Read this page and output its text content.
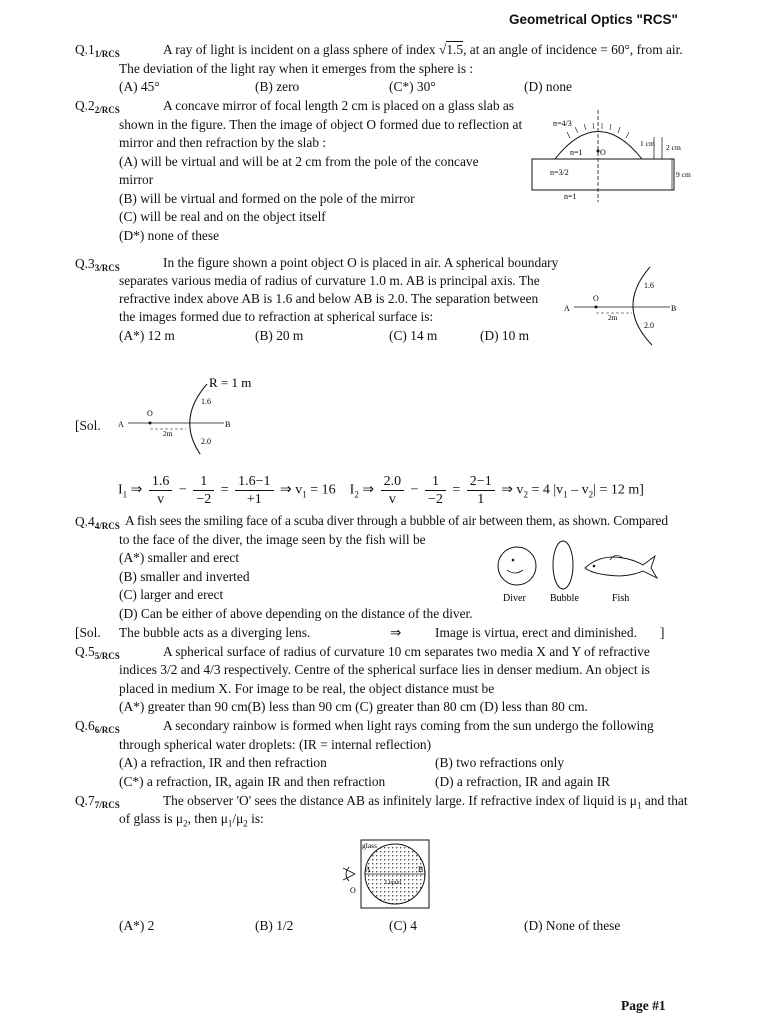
Geometrical Optics "RCS"
$Q.1_{1/RCS}$	A ray of light is incident on a glass sphere of index √1.5, at an angle of incidence = 60°, from air.
The deviation of the light ray when it emerges from the sphere is :
(A) 45°	(B) zero	(C*) 30°	(D) none
$Q.2_{2/RCS}$	A concave mirror of focal length 2 cm is placed on a glass slab as
shown in the figure. Then the image of object O formed due to reflection at
mirror and then refraction by the slab :
(A) will be virtual and will be at 2 cm from the pole of the concave
mirror
(B) will be virtual and formed on the pole of the mirror
(C) will be real and on the object itself
(D*) none of these
n=4/3
n=1 O
1 cm 2 cm
n=3/2	9 cm
n=1
$Q.3_{3/RCS}$	In the figure shown a point object O is placed in air. A spherical boundary
separates various media of radius of curvature 1.0 m. AB is principal axis. The
refractive index above AB is 1.6 and below AB is 2.0. The separation between
the images formed due to refraction at spherical surface is:
(A*) 12 m	(B) 20 m	(C) 14 m	(D) 10 m
A
O
B
1.6
2.0
2m
R = 1 m
A
O
B
1.6
2.0
2m
[Sol.
$I_1$ ⇒ $\frac{1.6}{v} - \frac{1}{-2} = \frac{1.6-1}{+1}$ ⇒ $v_1 = 16$ $I_2$ ⇒ $\frac{2.0}{v} - \frac{1}{-2} = \frac{2-1}{1}$ ⇒ $v_2 = 4$ $|v_1 - v_2| = 12$ m]
$Q.4_{4/RCS}$ A fish sees the smiling face of a scuba diver through a bubble of air between them, as shown. Compared
to the face of the diver, the image seen by the fish will be
(A*) smaller and erect
(B) smaller and inverted
(C) larger and erect
(D) Can be either of above depending on the distance of the diver.
Diver Bubble	Fish
[Sol. The bubble acts as a diverging lens.	⇒	Image is virtua, erect and diminished. ]
$Q.5_{5/RCS}$	A spherical surface of radius of curvature 10 cm separates two media X and Y of refractive
indices 3/2 and 4/3 respectively. Centre of the spherical surface lies in denser medium. An object is
placed in medium X. For image to be real, the object distance must be
(A*) greater than 90 cm(B) less than 90 cm (C) greater than 80 cm (D) less than 80 cm.
$Q.6_{6/RCS}$	A secondary rainbow is formed when light rays coming from the sun undergo the following
through spherical water droplets: (IR = internal reflection)
(A) a refraction, IR and then refraction	(B) two refractions only
(C*) a refraction, IR, again IR and then refraction	(D) a refraction, IR and again IR
$Q.7_{7/RCS}$	The observer 'O' sees the distance AB as infinitely large. If refractive index of liquid is $\mu_1$ and that
of glass is $\mu_2$, then $\mu_1/\mu_2$ is:
glass
A	B
Liquid
O
(A*) 2	(B) 1/2	(C) 4	(D) None of these
Page #1
